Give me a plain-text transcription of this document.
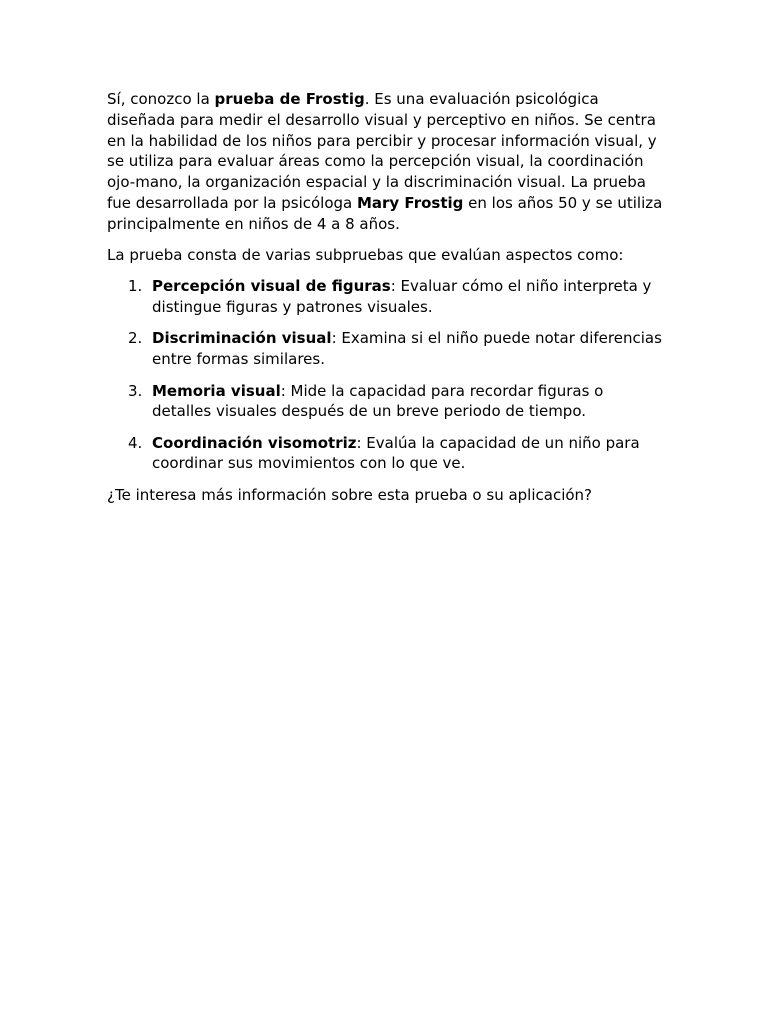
Sí, conozco la prueba de Frostig. Es una evaluación psicológica diseñada para medir el desarrollo visual y perceptivo en niños. Se centra en la habilidad de los niños para percibir y procesar información visual, y se utiliza para evaluar áreas como la percepción visual, la coordinación ojo-mano, la organización espacial y la discriminación visual. La prueba fue desarrollada por la psicóloga Mary Frostig en los años 50 y se utiliza principalmente en niños de 4 a 8 años.

La prueba consta de varias subpruebas que evalúan aspectos como:

1. Percepción visual de figuras: Evaluar cómo el niño interpreta y distingue figuras y patrones visuales.
2. Discriminación visual: Examina si el niño puede notar diferencias entre formas similares.
3. Memoria visual: Mide la capacidad para recordar figuras o detalles visuales después de un breve periodo de tiempo.
4. Coordinación visomotriz: Evalúa la capacidad de un niño para coordinar sus movimientos con lo que ve.

¿Te interesa más información sobre esta prueba o su aplicación?
